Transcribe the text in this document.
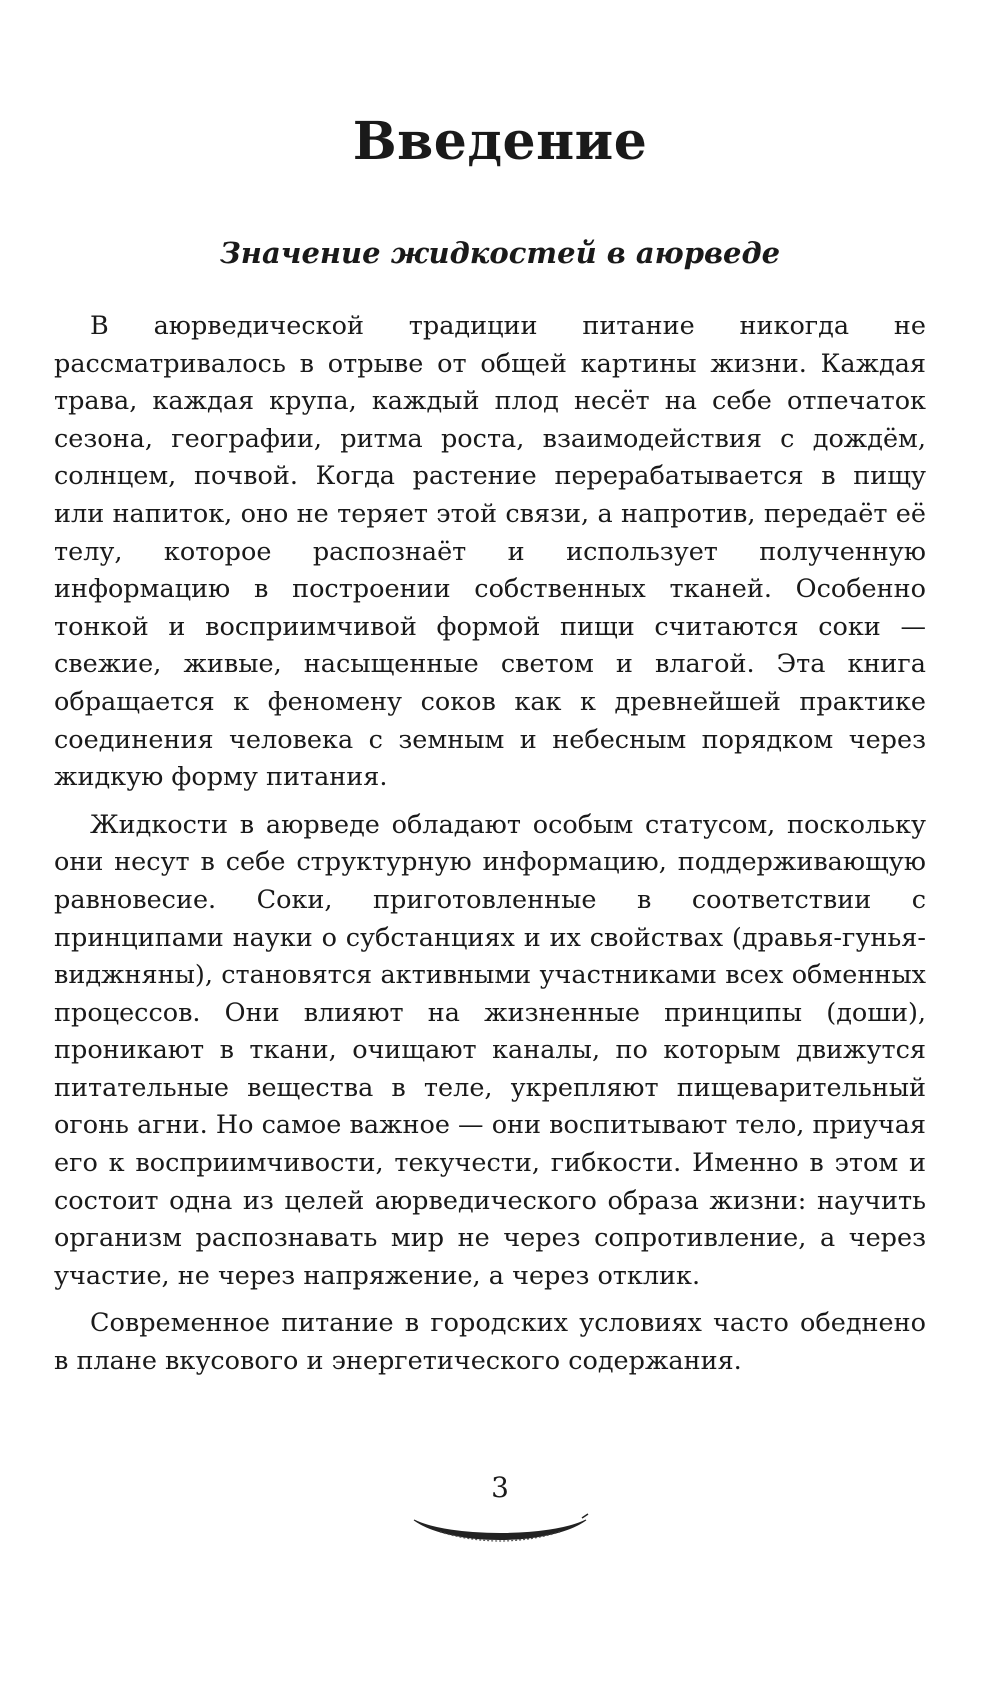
Введение
Значение жидкостей в аюрведе

В аюрведической традиции питание никогда не рассматривалось в отрыве от общей картины жизни. Каждая трава, каждая крупа, каждый плод несёт на себе отпечаток сезона, географии, ритма роста, взаимодействия с дождём, солнцем, почвой. Когда растение перерабатывается в пищу или напиток, оно не теряет этой связи, а напротив, передаёт её телу, которое распознаёт и использует полученную информацию в построении собственных тканей. Особенно тонкой и восприимчивой формой пищи считаются соки — свежие, живые, насыщенные светом и влагой. Эта книга обращается к феномену соков как к древнейшей практике соединения человека с земным и небесным порядком через жидкую форму питания.

Жидкости в аюрведе обладают особым статусом, поскольку они несут в себе структурную информацию, поддерживающую равновесие. Соки, приготовленные в соответствии с принципами науки о субстанциях и их свойствах (дравья-гунья-виджняны), становятся активными участниками всех обменных процессов. Они влияют на жизненные принципы (доши), проникают в ткани, очищают каналы, по которым движутся питательные вещества в теле, укрепляют пищеварительный огонь агни. Но самое важное — они воспитывают тело, приучая его к восприимчивости, текучести, гибкости. Именно в этом и состоит одна из целей аюрведического образа жизни: научить организм распознавать мир не через сопротивление, а через участие, не через напряжение, а через отклик.

Современное питание в городских условиях часто обеднено в плане вкусового и энергетического содержания.

3
